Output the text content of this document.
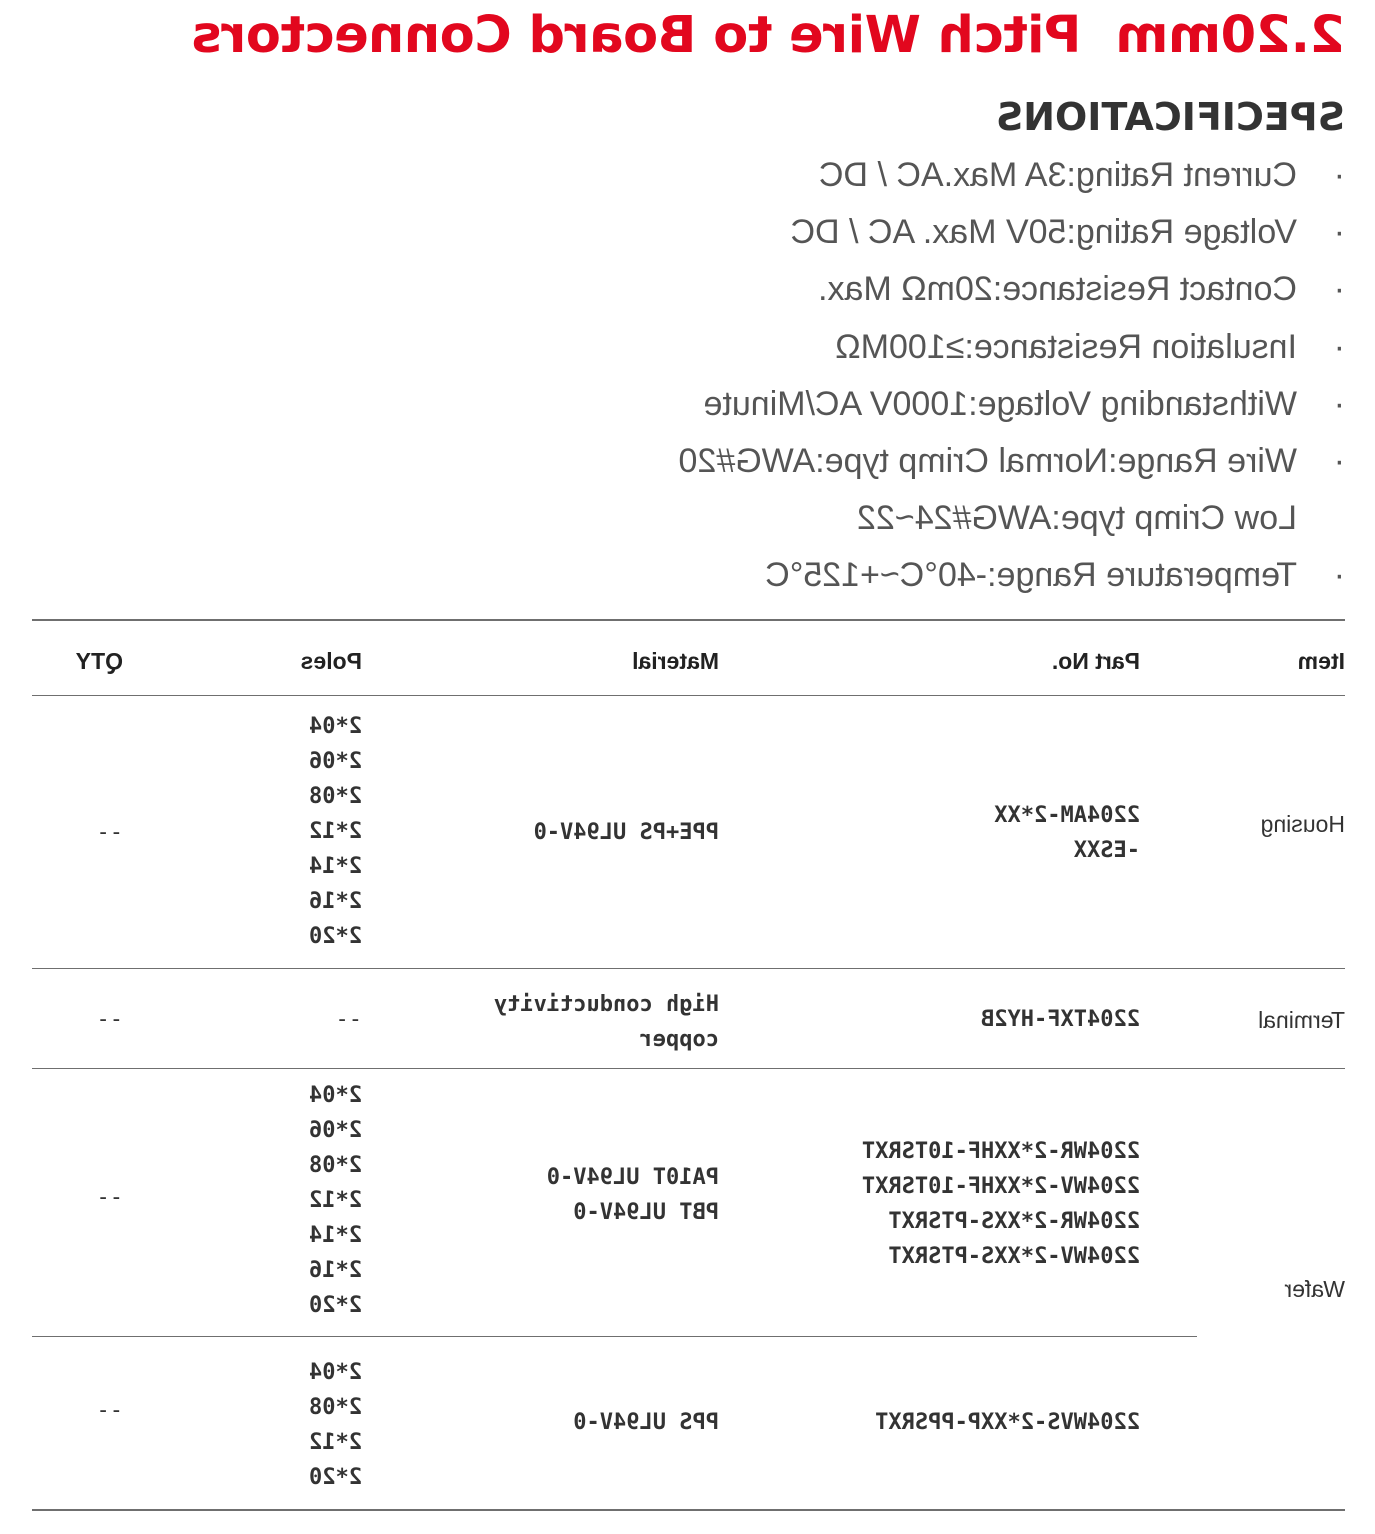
2.20mm  Pitch Wire to Board Connectors
SPECIFICATIONS
·Current Rating:3A Max.AC / DC
·Voltage Rating:50V Max. AC / DC
·Contact Resistance:20mΩ Max.
·Insulation Resistance:≥100MΩ
·Withstanding Voltage:1000V AC/Minute
·Wire Range:Normal Crimp type:AWG#20
Low Crimp type:AWG#24~22
·Temperature Range:-40°C~+125°C
Item
Part No.
Material
Poles
QTY
Housing
2204AM-2*XX
-ESXX
PPE+PS UL94V-0
2*04
2*06
2*08
2*12
2*14
2*16
2*20
--
Terminal
2204TXF-HY2B
High conductivity
copper
--
--
Wafer
2204WR-2*XXHF-10TSRXT
2204WV-2*XXHF-10TSRXT
2204WR-2*XXS-PTSRXT
2204WV-2*XXS-PTSRXT
PA10T UL94V-0
PBT UL94V-0
2*04
2*06
2*08
2*12
2*14
2*16
2*20
--
2204WVS-2*XXP-PPSRXT
PPS UL94V-0
2*04
2*08
2*12
2*20
--
